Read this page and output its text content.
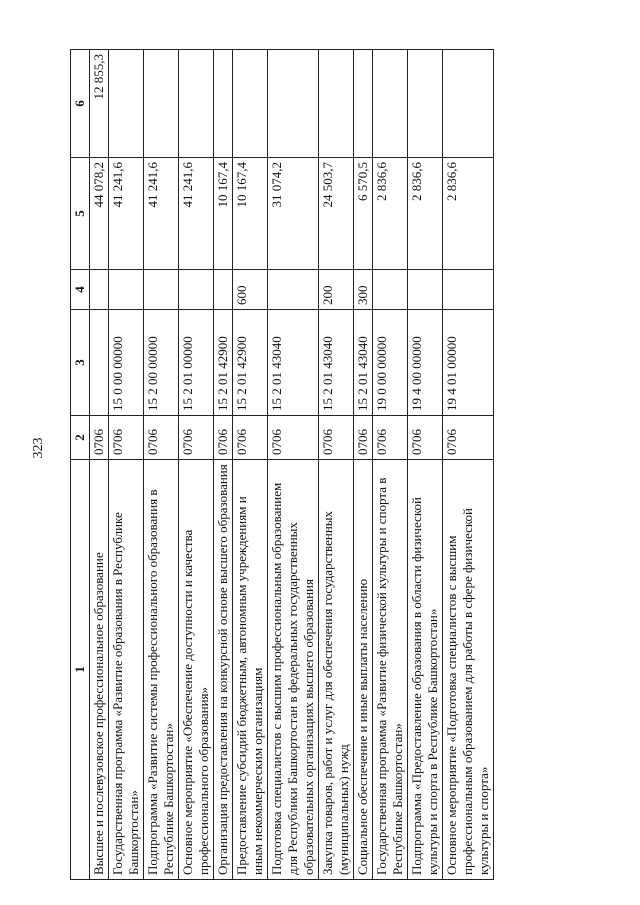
323
1	2	3	4	5	6
Высшее и послевузовское профессиональное образование	0706			44 078,2	12 855,3
Государственная программа «Развитие образования в Республике Башкортостан»	0706	15 0 00 00000		41 241,6	
Подпрограмма «Развитие системы профессионального образования в Республике Башкортостан»	0706	15 2 00 00000		41 241,6	
Основное мероприятие «Обеспечение доступности и качества профессионального образования»	0706	15 2 01 00000		41 241,6	
Организация предоставления на конкурсной основе высшего образования	0706	15 2 01 42900		10 167,4	
Предоставление субсидий бюджетным, автономным учреждениям и иным некоммерческим организациям	0706	15 2 01 42900	600	10 167,4	
Подготовка специалистов с высшим профессиональным образованием для Республики Башкортостан в федеральных государственных образовательных организациях высшего образования	0706	15 2 01 43040		31 074,2	
Закупка товаров, работ и услуг для обеспечения государственных (муниципальных) нужд	0706	15 2 01 43040	200	24 503,7	
Социальное обеспечение и иные выплаты населению	0706	15 2 01 43040	300	6 570,5	
Государственная программа «Развитие физической культуры и спорта в Республике Башкортостан»	0706	19 0 00 00000		2 836,6	
Подпрограмма «Предоставление образования в области физической культуры и спорта в Республике Башкортостан»	0706	19 4 00 00000		2 836,6	
Основное мероприятие «Подготовка специалистов с высшим профессиональным образованием для работы в сфере физической культуры и спорта»	0706	19 4 01 00000		2 836,6	
